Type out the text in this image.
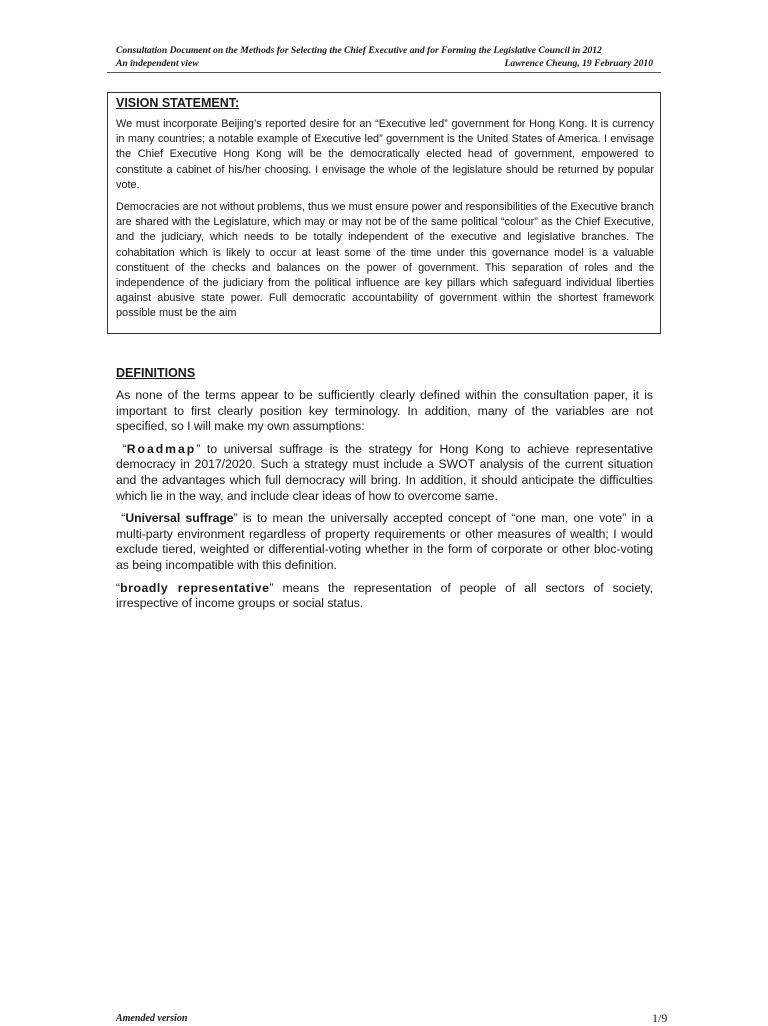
Consultation Document on the Methods for Selecting the Chief Executive and for Forming the Legislative Council in 2012
An independent view	Lawrence Cheung, 19 February 2010
VISION STATEMENT:

We must incorporate Beijing’s reported desire for an “Executive led” government for Hong Kong. It is currency in many countries; a notable example of Executive led” government is the United States of America. I envisage the Chief Executive Hong Kong will be the democratically elected head of government, empowered to constitute a cabinet of his/her choosing. I envisage the whole of the legislature should be returned by popular vote.

Democracies are not without problems, thus we must ensure power and responsibilities of the Executive branch are shared with the Legislature, which may or may not be of the same political “colour” as the Chief Executive, and the judiciary, which needs to be totally independent of the executive and legislative branches. The cohabitation which is likely to occur at least some of the time under this governance model is a valuable constituent of the checks and balances on the power of government. This separation of roles and the independence of the judiciary from the political influence are key pillars which safeguard individual liberties against abusive state power. Full democratic accountability of government within the shortest framework possible must be the aim

DEFINITIONS

As none of the terms appear to be sufficiently clearly defined within the consultation paper, it is important to first clearly position key terminology. In addition, many of the variables are not specified, so I will make my own assumptions:

“Roadmap” to universal suffrage is the strategy for Hong Kong to achieve representative democracy in 2017/2020. Such a strategy must include a SWOT analysis of the current situation and the advantages which full democracy will bring. In addition, it should anticipate the difficulties which lie in the way, and include clear ideas of how to overcome same.

“Universal suffrage” is to mean the universally accepted concept of “one man, one vote” in a multi-party environment regardless of property requirements or other measures of wealth; I would exclude tiered, weighted or differential-voting whether in the form of corporate or other bloc-voting as being incompatible with this definition.

“broadly representative” means the representation of people of all sectors of society, irrespective of income groups or social status.

Amended version	1/9
